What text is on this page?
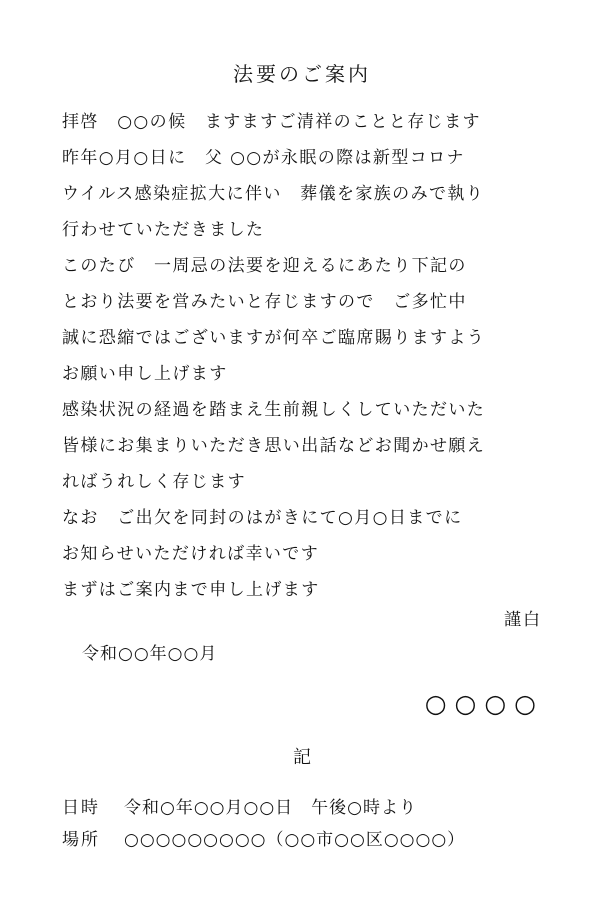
法要のご案内
拝啓　○○の候　ますますご清祥のことと存じます
昨年○月○日に　父 ○○が永眠の際は新型コロナ
ウイルス感染症拡大に伴い　葬儀を家族のみで執り
行わせていただきました
このたび　一周忌の法要を迎えるにあたり下記の
とおり法要を営みたいと存じますので　ご多忙中
誠に恐縮ではございますが何卒ご臨席賜りますよう
お願い申し上げます
感染状況の経過を踏まえ生前親しくしていただいた
皆様にお集まりいただき思い出話などお聞かせ願え
ればうれしく存じます
なお　ご出欠を同封のはがきにて○月○日までに
お知らせいただければ幸いです
まずはご案内まで申し上げます
謹白
令和○○年○○月
○○○○
記
日時	令和○年○○月○○日　午後○時より
場所	○○○○○○○○○（○○市○○区○○○○）
